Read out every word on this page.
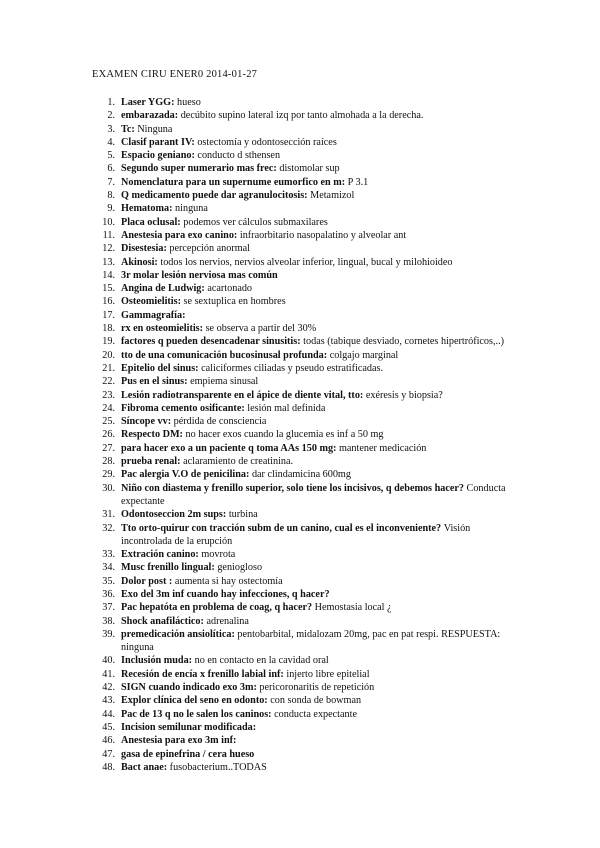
EXAMEN CIRU ENER0 2014-01-27
1. Laser YGG: hueso
2. embarazada: decúbito supino lateral izq por tanto almohada a la derecha.
3. Tc: Ninguna
4. Clasif parant IV: ostectomía y odontosección raíces
5. Espacio geniano: conducto d sthensen
6. Segundo super numerario mas frec: distomolar sup
7. Nomenclatura para un supernume eumorfico en m: P 3.1
8. Q medicamento puede dar agranulocitosis: Metamizol
9. Hematoma: ninguna
10. Placa oclusal: podemos ver cálculos submaxilares
11. Anestesia para exo canino: infraorbitario nasopalatino y alveolar ant
12. Disestesia: percepción anormal
13. Akinosi: todos los nervios, nervios alveolar inferior, lingual, bucal y milohioideo
14. 3r molar lesión nerviosa mas común
15. Angina de Ludwig: acartonado
16. Osteomielitis: se sextuplica en hombres
17. Gammagrafía:
18. rx en osteomielitis: se observa a partir del 30%
19. factores q pueden desencadenar sinusitis: todas (tabique desviado, cornetes hipertróficos,..)
20. tto de una comunicación bucosinusal profunda: colgajo marginal
21. Epitelio del sinus: caliciformes ciliadas y pseudo estratificadas.
22. Pus en el sinus: empiema sinusal
23. Lesión radiotransparente en el ápice de diente vital, tto: exéresis y biopsia?
24. Fibroma cemento osificante: lesión mal definida
25. Síncope vv: pérdida de consciencia
26. Respecto DM: no hacer exos cuando la glucemia es inf a 50 mg
27. para hacer exo a un paciente q toma AAs 150 mg: mantener medicación
28. prueba renal: aclaramiento de creatinina.
29. Pac alergia V.O de penicilina: dar clindamicina 600mg
30. Niño con diastema y frenillo superior, solo tiene los incisivos, q debemos hacer? Conducta expectante
31. Odontoseccion 2m sups: turbina
32. Tto orto-quirur con tracción subm de un canino, cual es el inconveniente? Visión incontrolada de la erupción
33. Extración canino: movrota
34. Musc frenillo lingual: geniogloso
35. Dolor post : aumenta si hay ostectomía
36. Exo del 3m inf cuando hay infecciones, q hacer?
37. Pac hepatóta en problema de coag, q hacer? Hemostasia local ¿
38. Shock anafiláctico: adrenalina
39. premedicación ansiolítica: pentobarbital, midalozam 20mg, pac en pat respi. RESPUESTA: ninguna
40. Inclusión muda: no en contacto en la cavidad oral
41. Recesión de encía x frenillo labial inf: injerto libre epitelial
42. SIGN cuando indicado exo 3m: pericoronaritis de repetición
43. Explor clínica del seno en odonto: con sonda de bowman
44. Pac de 13 q no le salen los caninos: conducta expectante
45. Incision semilunar modificada:
46. Anestesia para exo 3m inf:
47. gasa de epinefrina / cera hueso
48. Bact anae: fusobacterium..TODAS
